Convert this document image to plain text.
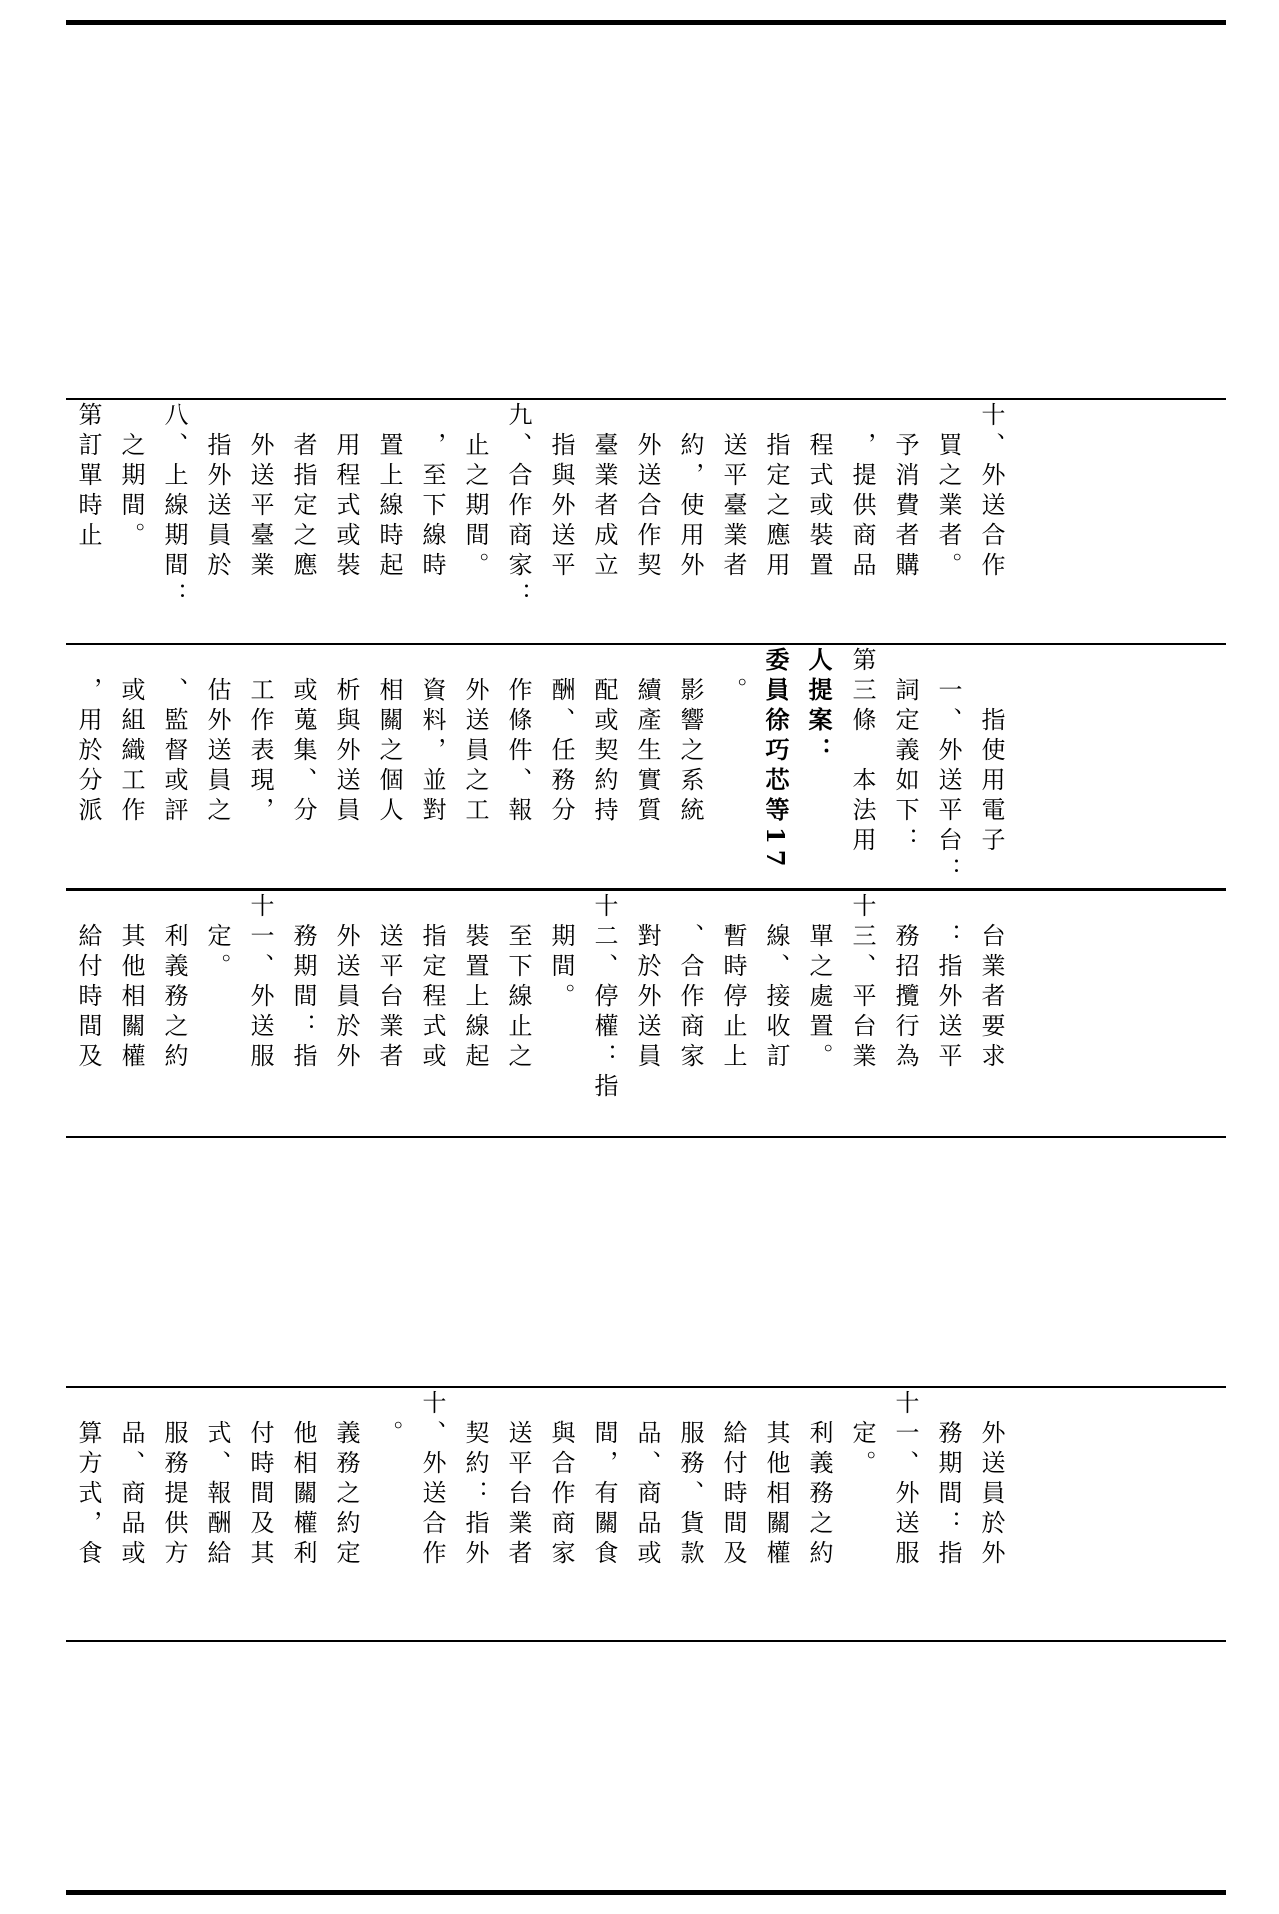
第訂單時止 　之期間。 八、上線期間： 　指外送員於 　外送平臺業 　者指定之應 　用程式或裝 　置上線時起 　，至下線時 　止之期間。 九、合作商家： 　指與外送平 　臺業者成立 　外送合作契 　約，使用外 　送平臺業者 　指定之應用 　程式或裝置 　，提供商品 　予消費者購 　買之業者。 十、外送合作
　，用於分派 　或組織工作 　、監督或評 　估外送員之 　工作表現， 　或蒐集、分 　析與外送員 　相關之個人 　資料，並對 　外送員之工 　作條件、報 　酬、任務分 　配或契約持 　續產生實質 　影響之系統 　。 委員徐巧芯等17 人提案： 第三條　本法用 　詞定義如下： 　一、外送平台： 　　指使用電子
　給付時間及 　其他相關權 　利義務之約 　定。 十一、外送服 　務期間：指 　外送員於外 　送平台業者 　指定程式或 　裝置上線起 　至下線止之 　期間。 十二、停權：指 　對於外送員 　、合作商家 　暫時停止上 　線、接收訂 　單之處置。 十三、平台業 　務招攬行為 　：指外送平 　台業者要求
　算方式，食 　品、商品或 　服務提供方 　式、報酬給 　付時間及其 　他相關權利 　義務之約定 　。 十、外送合作 　契約：指外 　送平台業者 　與合作商家 　間，有關食 　品、商品或 　服務、貨款 　給付時間及 　其他相關權 　利義務之約 　定。 十一、外送服 　務期間：指 　外送員於外
